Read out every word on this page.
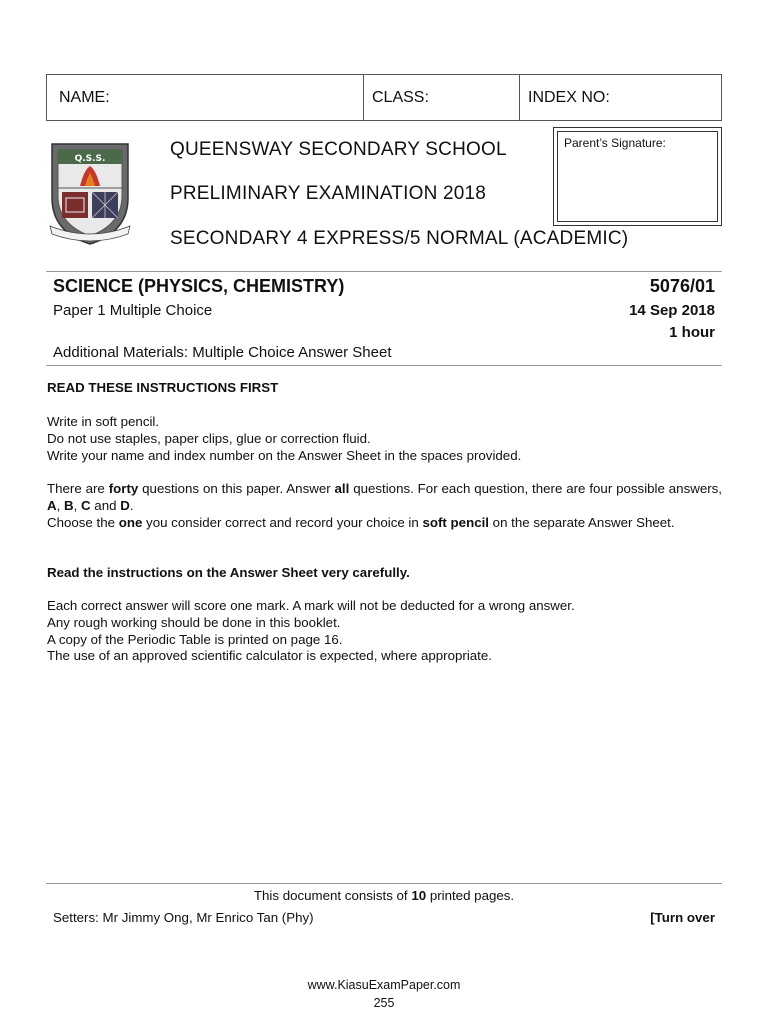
NAME:	CLASS:	INDEX NO:
Q.S.S.	QUEENSWAY SECONDARY SCHOOL
PRELIMINARY EXAMINATION 2018
SECONDARY 4 EXPRESS/5 NORMAL (ACADEMIC)
Parent’s Signature:
SCIENCE (PHYSICS, CHEMISTRY)	5076/01
Paper 1 Multiple Choice	14 Sep 2018
1 hour
Additional Materials: Multiple Choice Answer Sheet
READ THESE INSTRUCTIONS FIRST

Write in soft pencil.

Do not use staples, paper clips, glue or correction fluid.

Write your name and index number on the Answer Sheet in the spaces provided.

There are forty questions on this paper. Answer all questions. For each question, there are four possible answers, A, B, C and D.

Choose the one you consider correct and record your choice in soft pencil on the separate Answer Sheet.

Read the instructions on the Answer Sheet very carefully.

Each correct answer will score one mark. A mark will not be deducted for a wrong answer.

Any rough working should be done in this booklet.

A copy of the Periodic Table is printed on page 16.

The use of an approved scientific calculator is expected, where appropriate.

This document consists of 10 printed pages.
Setters: Mr Jimmy Ong, Mr Enrico Tan (Phy)	[Turn over
www.KiasuExamPaper.com
255
